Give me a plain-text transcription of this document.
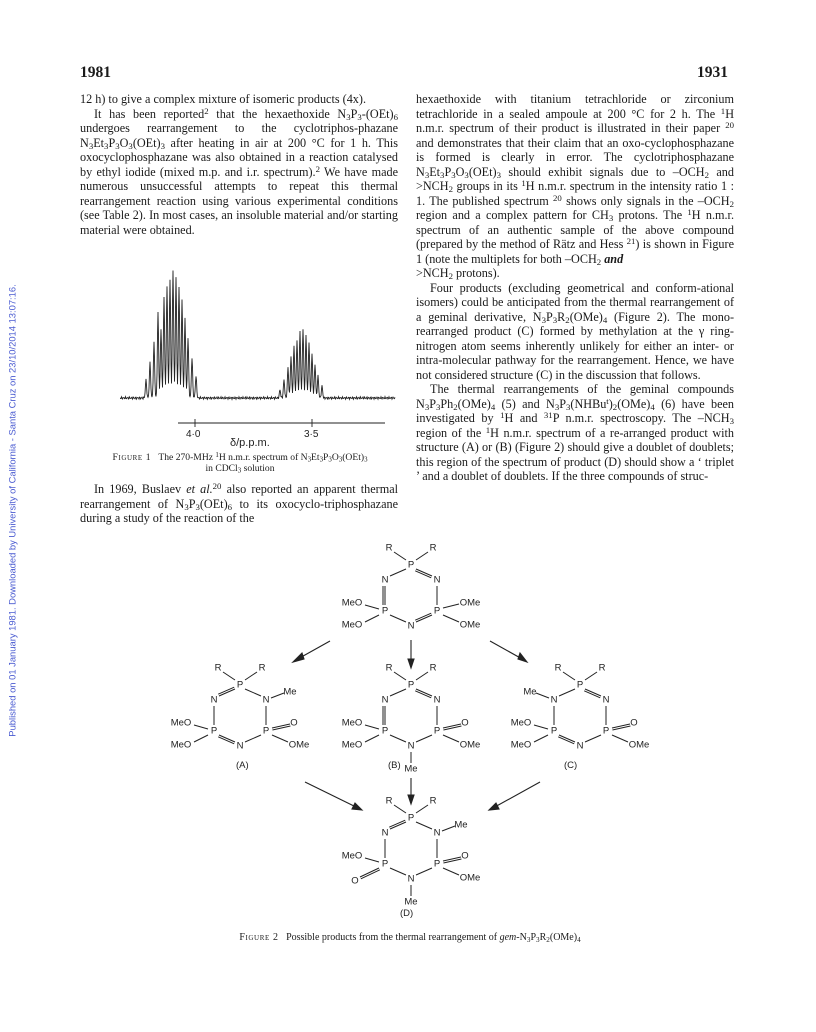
Published on 01 January 1981. Downloaded by University of California - Santa Cruz on 23/10/2014 13:07:16.
1981	1931

12 h) to give a complex mixture of isomeric products (4x).

It has been reported$^2$ that the hexaethoxide $N_3P_3-(OEt)_6$ undergoes rearrangement to the cyclotriphos-phazane $N_3Et_3P_3O_3(OEt)_3$ after heating in air at 200 °C for 1 h. This oxocyclophosphazane was also obtained in a reaction catalysed by ethyl iodide (mixed m.p. and i.r. spectrum).$^2$ We have made numerous unsuccessful attempts to repeat this thermal rearrangement reaction using various experimental conditions (see Table 2). In most cases, an insoluble material and/or starting material were obtained.

4·0	3·5
δ/p.p.m.
Figure 1 The 270-MHz $^1$H n.m.r. spectrum of $N_3Et_3P_3O_3(OEt)_3$
in CDCl$_3$ solution

In 1969, Buslaev et al.$^{20}$ also reported an apparent thermal rearrangement of $N_3P_3(OEt)_6$ to its oxocyclo-triphosphazane during a study of the reaction of the

hexaethoxide with titanium tetrachloride or zirconium tetrachloride in a sealed ampoule at 200 °C for 2 h. The $^1$H n.m.r. spectrum of their product is illustrated in their paper $^{20}$ and demonstrates that their claim that an oxo-cyclophosphazane is formed is clearly in error. The cyclotriphosphazane $N_3Et_3P_3O_3(OEt)_3$ should exhibit signals due to $-OCH_2$ and $>NCH_2$ groups in its $^1$H n.m.r. spectrum in the intensity ratio 1 : 1. The published spectrum $^{20}$ shows only signals in the $-OCH_2$ region and a complex pattern for $CH_3$ protons. The $^1$H n.m.r. spectrum of an authentic sample of the above compound (prepared by the method of Rätz and Hess $^{21}$) is shown in Figure 1 (note the multiplets for both $-OCH_2$ and
$>NCH_2$ protons).

Four products (excluding geometrical and conform-ational isomers) could be anticipated from the thermal rearrangement of a geminal derivative, $N_3P_3R_2(OMe)_4$ (Figure 2). The mono-rearranged product (C) formed by methylation at the γ ring-nitrogen atom seems inherently unlikely for either an inter- or intra-molecular pathway for the rearrangement. Hence, we have not considered structure (C) in the discussion that follows.

The thermal rearrangements of the geminal compounds $N_3P_3Ph_2(OMe)_4$ (5) and $N_3P_3(NHBu^t)_2(OMe)_4$ (6) have been investigated by $^1$H and $^{31}$P n.m.r. spectroscopy. The $-NCH_3$ region of the $^1$H n.m.r. spectrum of a re-arranged product with structure (A) or (B) (Figure 2) should give a doublet of doublets; this region of the spectrum of product (D) should show a ‘ triplet ’ and a doublet of doublets. If the three compounds of struc-

R	R
P
N	N
P	P
N
MeO
MeO
OMe
OMe
R	R
P
N	N
P	P
N
MeO
MeO
O
OMe
Me
R	R
P
N	N
P	P
N
MeO
MeO
O
OMe
Me
R	R
P
N	N
P	P
N
MeO
MeO
O
OMe
Me
R	R
P
N	N
P	P
N
MeO
O
O
OMe
Me
Me
(A)	(B)	(C)
(D)
Figure 2 Possible products from the thermal rearrangement of gem-$N_3P_3R_2(OMe)_4$
